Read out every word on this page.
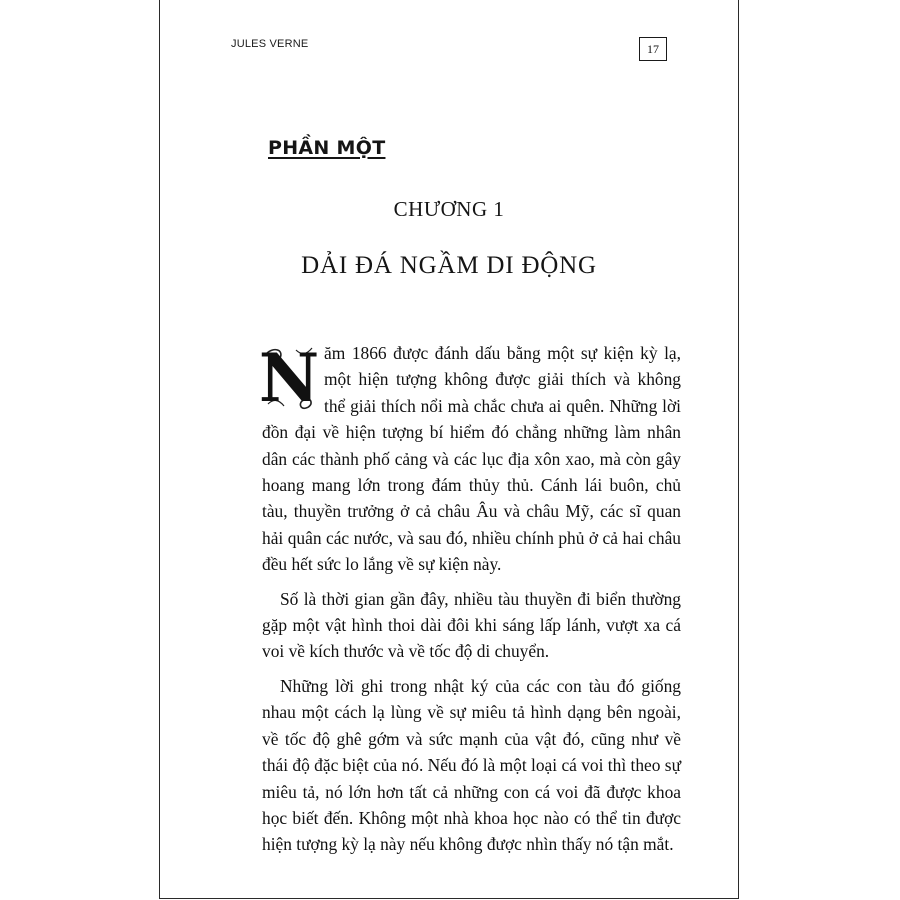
JULES VERNE	17
PHẦN MỘT
CHƯƠNG 1
DẢI ĐÁ NGẦM DI ĐỘNG

N ăm 1866 được đánh dấu bằng một sự kiện kỳ lạ, một hiện tượng không được giải thích và không thể giải thích nổi mà chắc chưa ai quên. Những lời đồn đại về hiện tượng bí hiểm đó chẳng những làm nhân dân các thành phố cảng và các lục địa xôn xao, mà còn gây hoang mang lớn trong đám thủy thủ. Cánh lái buôn, chủ tàu, thuyền trưởng ở cả châu Âu và châu Mỹ, các sĩ quan hải quân các nước, và sau đó, nhiều chính phủ ở cả hai châu đều hết sức lo lắng về sự kiện này.

Số là thời gian gần đây, nhiều tàu thuyền đi biển thường gặp một vật hình thoi dài đôi khi sáng lấp lánh, vượt xa cá voi về kích thước và về tốc độ di chuyển.

Những lời ghi trong nhật ký của các con tàu đó giống nhau một cách lạ lùng về sự miêu tả hình dạng bên ngoài, về tốc độ ghê gớm và sức mạnh của vật đó, cũng như về thái độ đặc biệt của nó. Nếu đó là một loại cá voi thì theo sự miêu tả, nó lớn hơn tất cả những con cá voi đã được khoa học biết đến. Không một nhà khoa học nào có thể tin được hiện tượng kỳ lạ này nếu không được nhìn thấy nó tận mắt.
